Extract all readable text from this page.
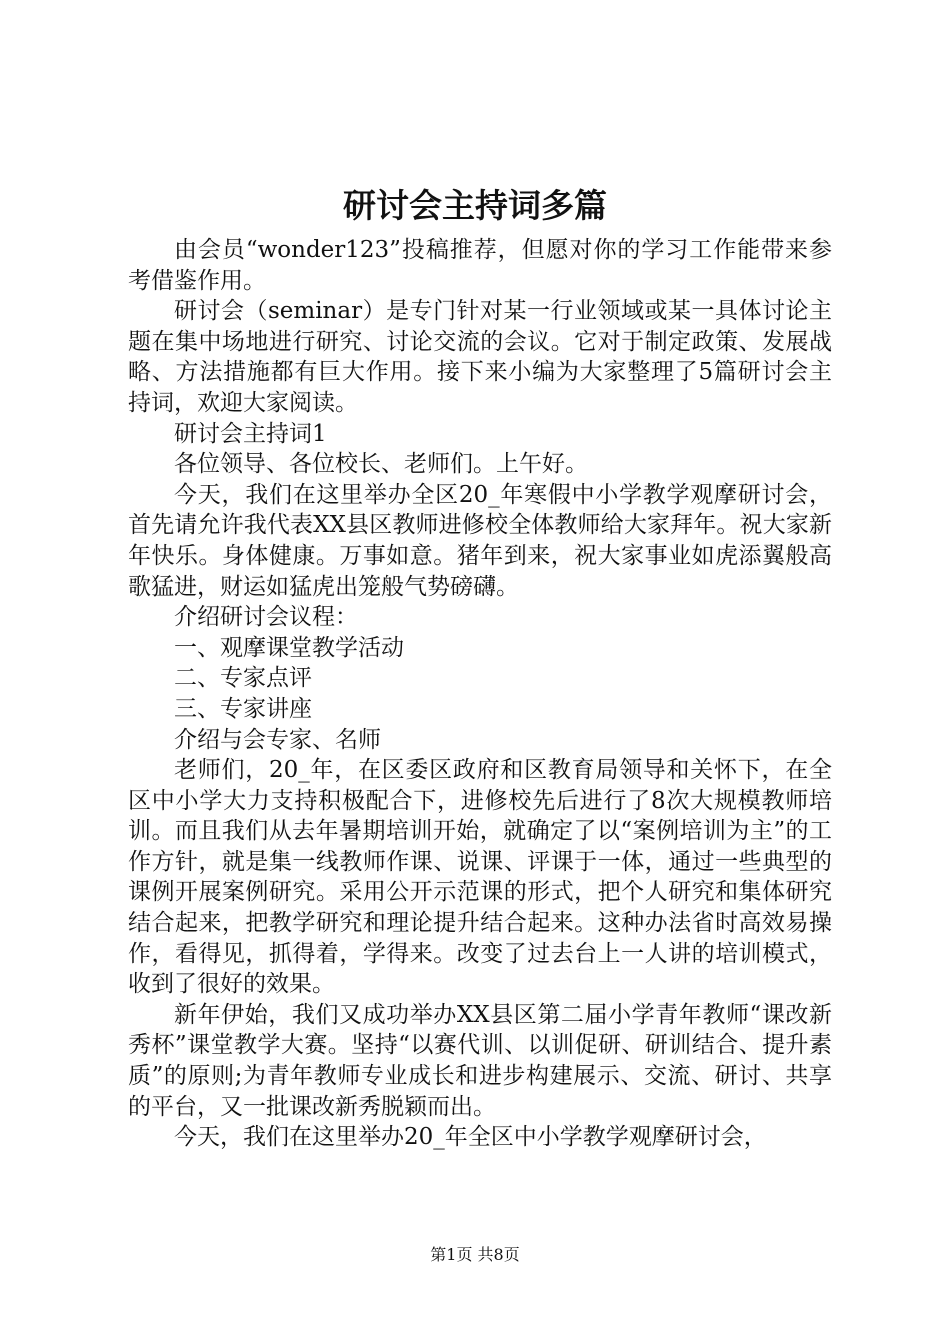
研讨会主持词多篇

由会员“wonder123”投稿推荐，但愿对你的学习工作能带来参考借鉴作用。

研讨会（seminar）是专门针对某一行业领域或某一具体讨论主题在集中场地进行研究、讨论交流的会议。它对于制定政策、发展战略、方法措施都有巨大作用。接下来小编为大家整理了5篇研讨会主持词，欢迎大家阅读。

研讨会主持词1

各位领导、各位校长、老师们。上午好。

今天，我们在这里举办全区20_年寒假中小学教学观摩研讨会，首先请允许我代表XX县区教师进修校全体教师给大家拜年。祝大家新年快乐。身体健康。万事如意。猪年到来，祝大家事业如虎添翼般高歌猛进，财运如猛虎出笼般气势磅礴。

介绍研讨会议程：

一、观摩课堂教学活动

二、专家点评

三、专家讲座

介绍与会专家、名师

老师们，20_年，在区委区政府和区教育局领导和关怀下，在全区中小学大力支持积极配合下，进修校先后进行了8次大规模教师培训。而且我们从去年暑期培训开始，就确定了以“案例培训为主”的工作方针，就是集一线教师作课、说课、评课于一体，通过一些典型的课例开展案例研究。采用公开示范课的形式，把个人研究和集体研究结合起来，把教学研究和理论提升结合起来。这种办法省时高效易操作，看得见，抓得着，学得来。改变了过去台上一人讲的培训模式，收到了很好的效果。

新年伊始，我们又成功举办XX县区第二届小学青年教师“课改新秀杯”课堂教学大赛。坚持“以赛代训、以训促研、研训结合、提升素质”的原则;为青年教师专业成长和进步构建展示、交流、研讨、共享的平台，又一批课改新秀脱颖而出。

今天，我们在这里举办20_年全区中小学教学观摩研讨会，

第1页 共8页
